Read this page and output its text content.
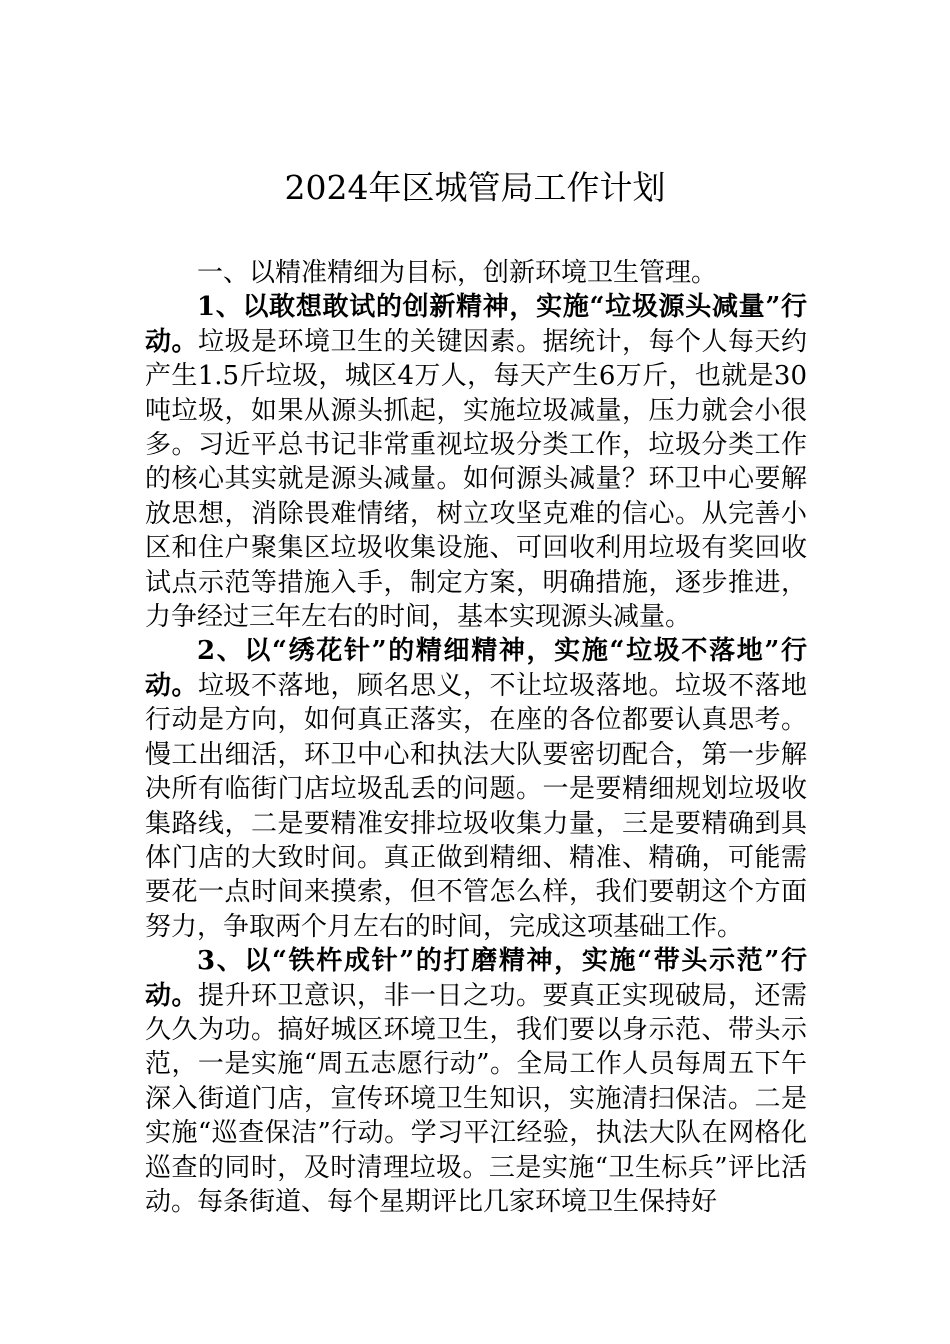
2024年区城管局工作计划

一、以精准精细为目标，创新环境卫生管理。

1、以敢想敢试的创新精神，实施“垃圾源头减量”行动。垃圾是环境卫生的关键因素。据统计，每个人每天约产生1.5斤垃圾，城区4万人，每天产生6万斤，也就是30吨垃圾，如果从源头抓起，实施垃圾减量，压力就会小很多。习近平总书记非常重视垃圾分类工作，垃圾分类工作的核心其实就是源头减量。如何源头减量？环卫中心要解放思想，消除畏难情绪，树立攻坚克难的信心。从完善小区和住户聚集区垃圾收集设施、可回收利用垃圾有奖回收试点示范等措施入手，制定方案，明确措施，逐步推进，力争经过三年左右的时间，基本实现源头减量。

2、以“绣花针”的精细精神，实施“垃圾不落地”行动。垃圾不落地，顾名思义，不让垃圾落地。垃圾不落地行动是方向，如何真正落实，在座的各位都要认真思考。慢工出细活，环卫中心和执法大队要密切配合，第一步解决所有临街门店垃圾乱丢的问题。一是要精细规划垃圾收集路线，二是要精准安排垃圾收集力量，三是要精确到具体门店的大致时间。真正做到精细、精准、精确，可能需要花一点时间来摸索，但不管怎么样，我们要朝这个方面努力，争取两个月左右的时间，完成这项基础工作。

3、以“铁杵成针”的打磨精神，实施“带头示范”行动。提升环卫意识，非一日之功。要真正实现破局，还需久久为功。搞好城区环境卫生，我们要以身示范、带头示范，一是实施“周五志愿行动”。全局工作人员每周五下午深入街道门店，宣传环境卫生知识，实施清扫保洁。二是实施“巡查保洁”行动。学习平江经验，执法大队在网格化巡查的同时，及时清理垃圾。三是实施“卫生标兵”评比活动。每条街道、每个星期评比几家环境卫生保持好
